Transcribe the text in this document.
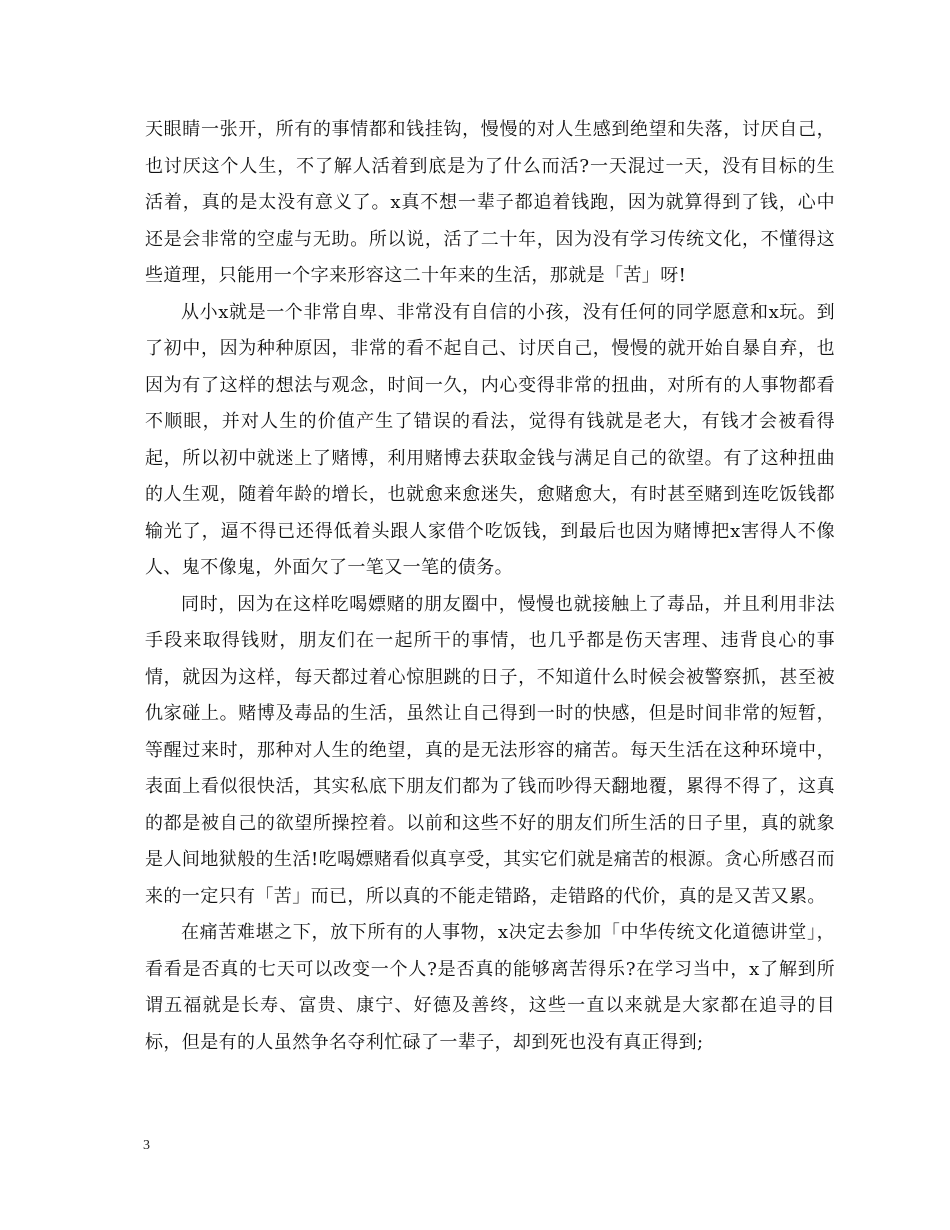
天眼睛一张开，所有的事情都和钱挂钩，慢慢的对人生感到绝望和失落，讨厌自己，也讨厌这个人生，不了解人活着到底是为了什么而活?一天混过一天，没有目标的生活着，真的是太没有意义了。x真不想一辈子都追着钱跑，因为就算得到了钱，心中还是会非常的空虚与无助。所以说，活了二十年，因为没有学习传统文化，不懂得这些道理，只能用一个字来形容这二十年来的生活，那就是「苦」呀!

从小x就是一个非常自卑、非常没有自信的小孩，没有任何的同学愿意和x玩。到了初中，因为种种原因，非常的看不起自己、讨厌自己，慢慢的就开始自暴自弃，也因为有了这样的想法与观念，时间一久，内心变得非常的扭曲，对所有的人事物都看不顺眼，并对人生的价值产生了错误的看法，觉得有钱就是老大，有钱才会被看得起，所以初中就迷上了赌博，利用赌博去获取金钱与满足自己的欲望。有了这种扭曲的人生观，随着年龄的增长，也就愈来愈迷失，愈赌愈大，有时甚至赌到连吃饭钱都输光了，逼不得已还得低着头跟人家借个吃饭钱，到最后也因为赌博把x害得人不像人、鬼不像鬼，外面欠了一笔又一笔的债务。

同时，因为在这样吃喝嫖赌的朋友圈中，慢慢也就接触上了毒品，并且利用非法手段来取得钱财，朋友们在一起所干的事情，也几乎都是伤天害理、违背良心的事情，就因为这样，每天都过着心惊胆跳的日子，不知道什么时候会被警察抓，甚至被仇家碰上。赌博及毒品的生活，虽然让自己得到一时的快感，但是时间非常的短暂，等醒过来时，那种对人生的绝望，真的是无法形容的痛苦。每天生活在这种环境中，表面上看似很快活，其实私底下朋友们都为了钱而吵得天翻地覆，累得不得了，这真的都是被自己的欲望所操控着。以前和这些不好的朋友们所生活的日子里，真的就象是人间地狱般的生活!吃喝嫖赌看似真享受，其实它们就是痛苦的根源。贪心所感召而来的一定只有「苦」而已，所以真的不能走错路，走错路的代价，真的是又苦又累。

在痛苦难堪之下，放下所有的人事物，x决定去参加「中华传统文化道德讲堂」，看看是否真的七天可以改变一个人?是否真的能够离苦得乐?在学习当中，x了解到所谓五福就是长寿、富贵、康宁、好德及善终，这些一直以来就是大家都在追寻的目标，但是有的人虽然争名夺利忙碌了一辈子，却到死也没有真正得到;

3
